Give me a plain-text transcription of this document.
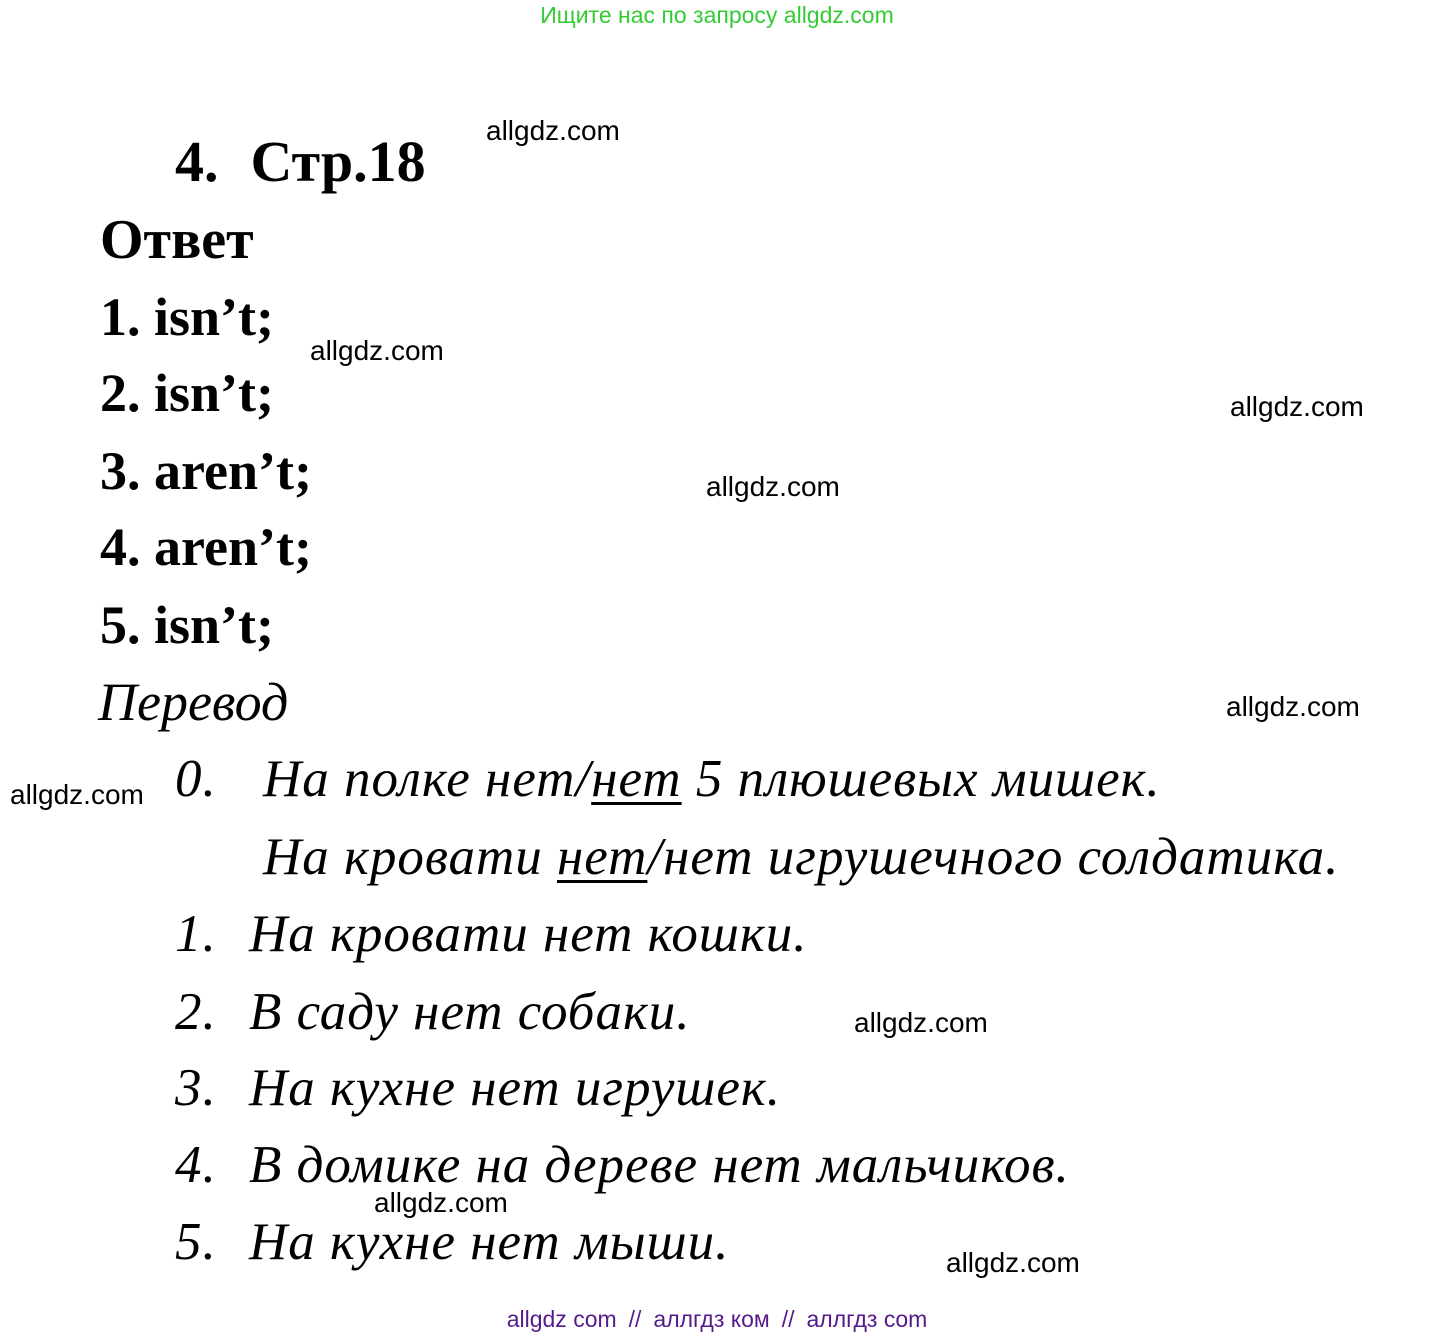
Ищите нас по запросу allgdz.com
4. Стр.18
Ответ
1. isn’t;
2. isn’t;
3. aren’t;
4. aren’t;
5. isn’t;
Перевод
0. На полке нет/нет 5 плюшевых мишек.
На кровати нет/нет игрушечного солдатика.
1. На кровати нет кошки.
2. В саду нет собаки.
3. На кухне нет игрушек.
4. В домике на дереве нет мальчиков.
5. На кухне нет мыши.
allgdz.com
allgdz.com
allgdz.com
allgdz.com
allgdz.com
allgdz.com
allgdz.com
allgdz.com
allgdz.com
allgdz com // аллгдз ком // аллгдз com
